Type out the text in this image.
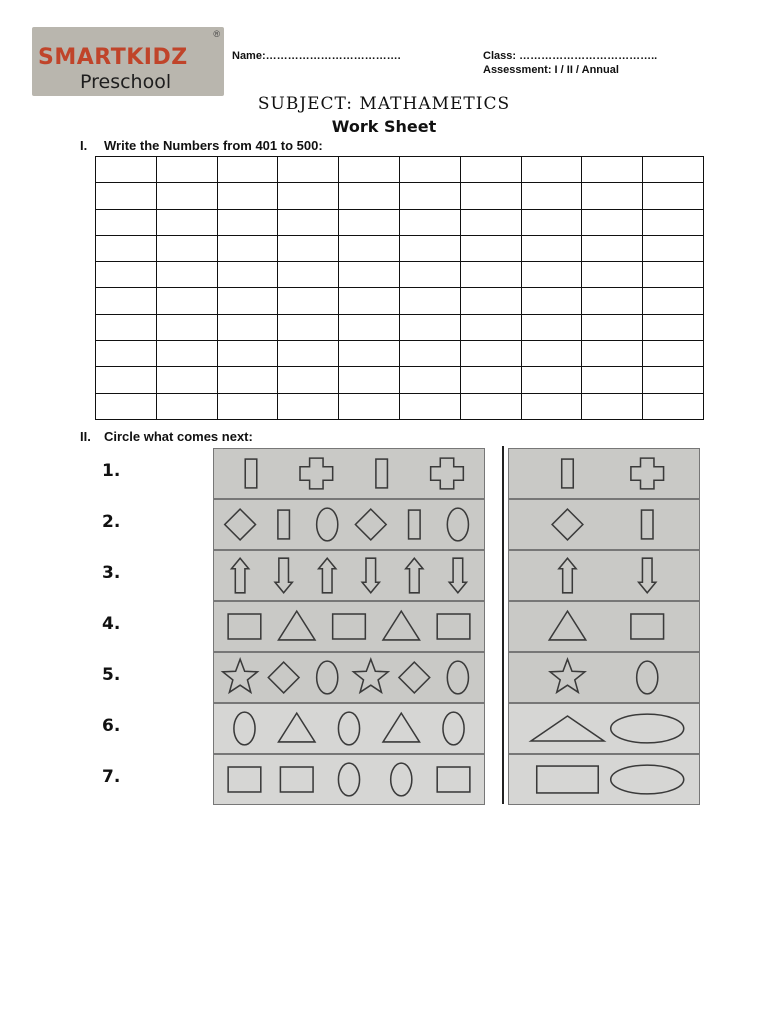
SMARTKIDZ
Preschool
®
Name:……………………………….	Class: ………………………………..
Assessment: I / II / Annual
SUBJECT: MATHAMETICS
Work Sheet
I. Write the Numbers from 401 to 500:

II. Circle what comes next:
1.
2.
3.
4.
5.
6.
7.
